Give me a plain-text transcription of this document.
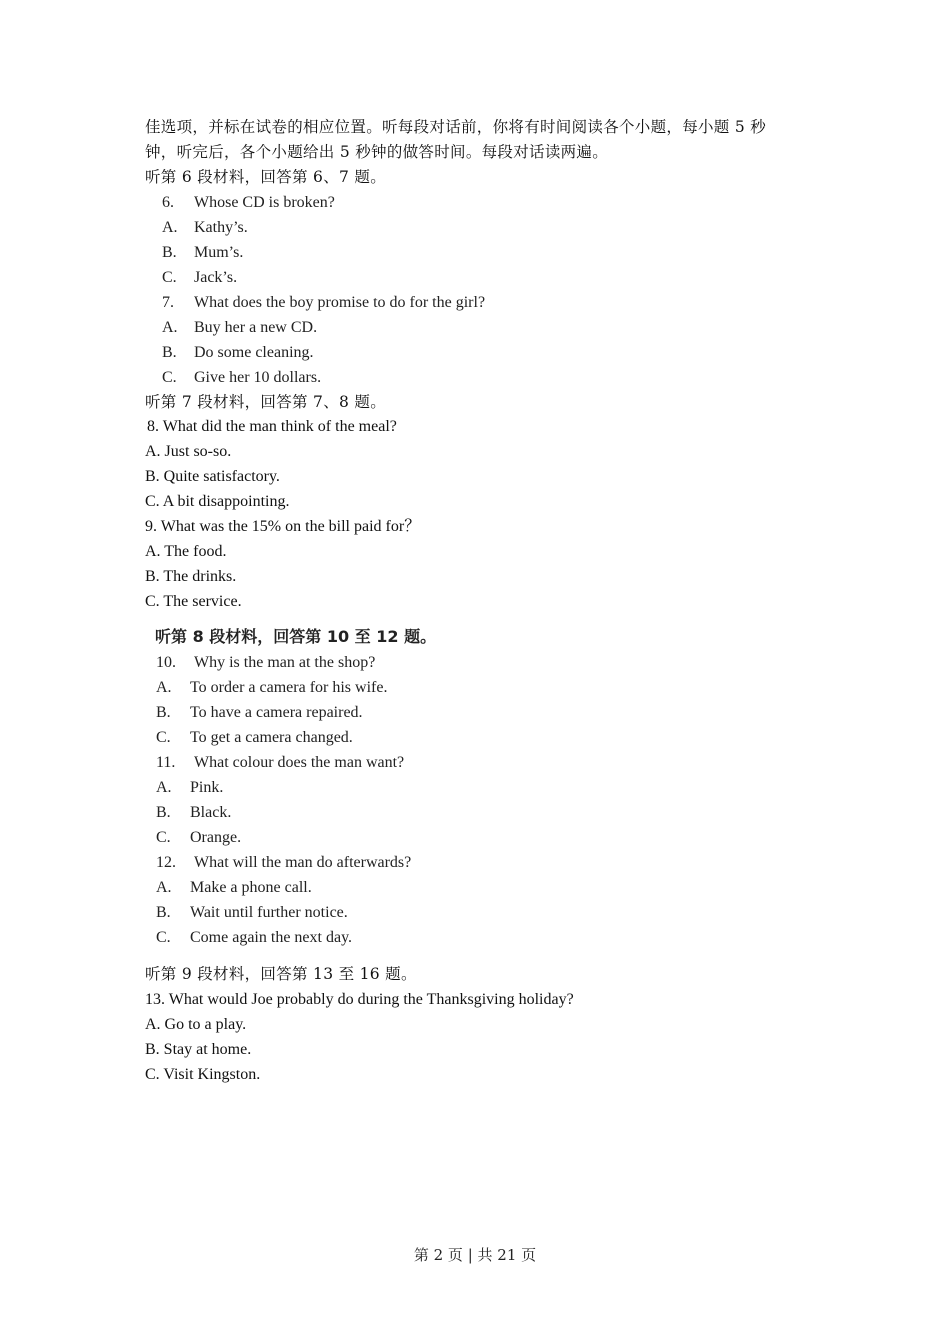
佳选项，并标在试卷的相应位置。听每段对话前，你将有时间阅读各个小题，每小题 5 秒
钟，听完后，各个小题给出 5 秒钟的做答时间。每段对话读两遍。
听第 6 段材料，回答第 6、7 题。
6. Whose CD is broken?
A. Kathy’s.
B. Mum’s.
C. Jack’s.
7. What does the boy promise to do for the girl?
A. Buy her a new CD.
B. Do some cleaning.
C. Give her 10 dollars.
听第 7 段材料，回答第 7、8 题。
8. What did the man think of the meal?
A. Just so-so.
B. Quite satisfactory.
C. A bit disappointing.
9. What was the 15% on the bill paid for？
A. The food.
B. The drinks.
C. The service.
听第 8 段材料，回答第 10 至 12 题。
10. Why is the man at the shop?
A. To order a camera for his wife.
B. To have a camera repaired.
C. To get a camera changed.
11. What colour does the man want?
A. Pink.
B. Black.
C. Orange.
12. What will the man do afterwards?
A. Make a phone call.
B. Wait until further notice.
C. Come again the next day.
听第 9 段材料，回答第 13 至 16 题。
13. What would Joe probably do during the Thanksgiving holiday?
A. Go to a play.
B. Stay at home.
C. Visit Kingston.
第 2 页 | 共 21 页
